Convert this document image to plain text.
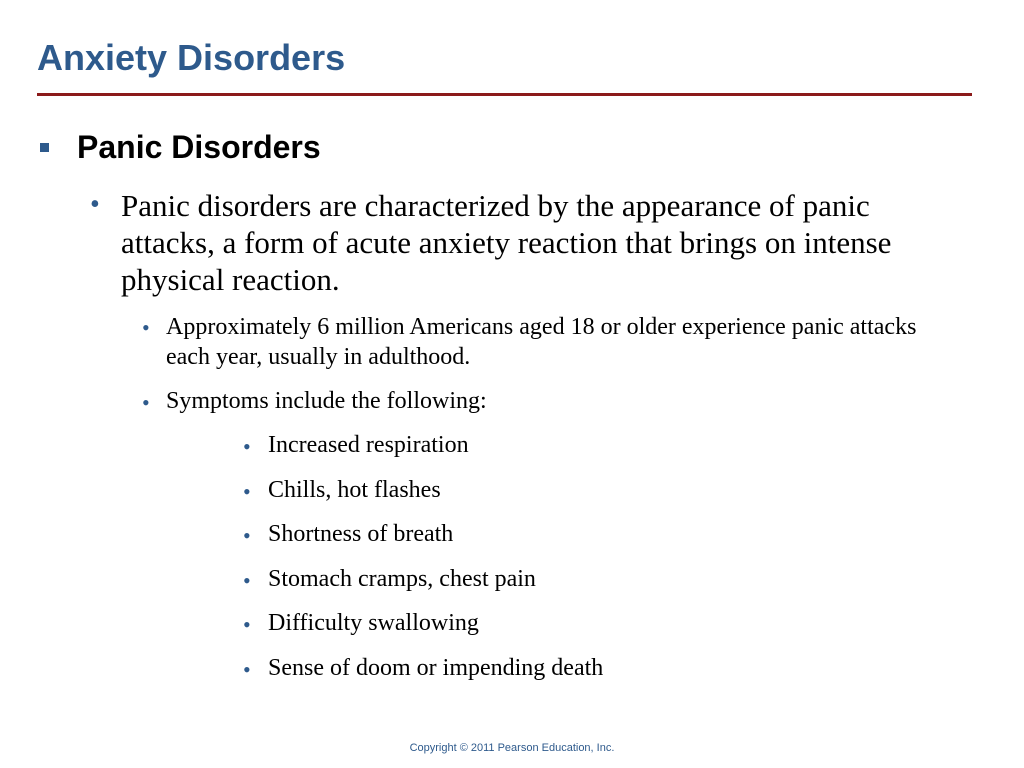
Anxiety Disorders
Panic Disorders
• Panic disorders are characterized by the appearance of panic attacks, a form of acute anxiety reaction that brings on intense physical reaction.
• Approximately 6 million Americans aged 18 or older experience panic attacks each year, usually in adulthood.
• Symptoms include the following:
• Increased respiration
• Chills, hot flashes
• Shortness of breath
• Stomach cramps, chest pain
• Difficulty swallowing
• Sense of doom or impending death
Copyright © 2011 Pearson Education, Inc.
